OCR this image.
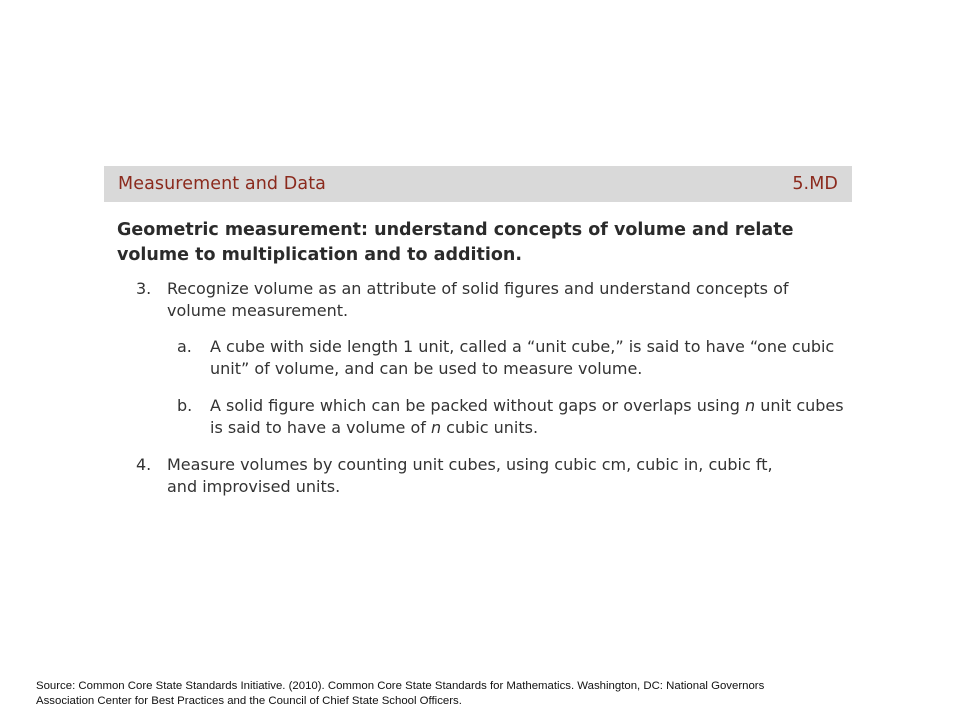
Measurement and Data	5.MD
Geometric measurement: understand concepts of volume and relate volume to multiplication and to addition.
3. Recognize volume as an attribute of solid figures and understand concepts of volume measurement.
a. A cube with side length 1 unit, called a “unit cube,” is said to have “one cubic unit” of volume, and can be used to measure volume.
b. A solid figure which can be packed without gaps or overlaps using n unit cubes is said to have a volume of n cubic units.
4. Measure volumes by counting unit cubes, using cubic cm, cubic in, cubic ft, and improvised units.
Source: Common Core State Standards Initiative. (2010). Common Core State Standards for Mathematics. Washington, DC: National Governors
Association Center for Best Practices and the Council of Chief State School Officers.
